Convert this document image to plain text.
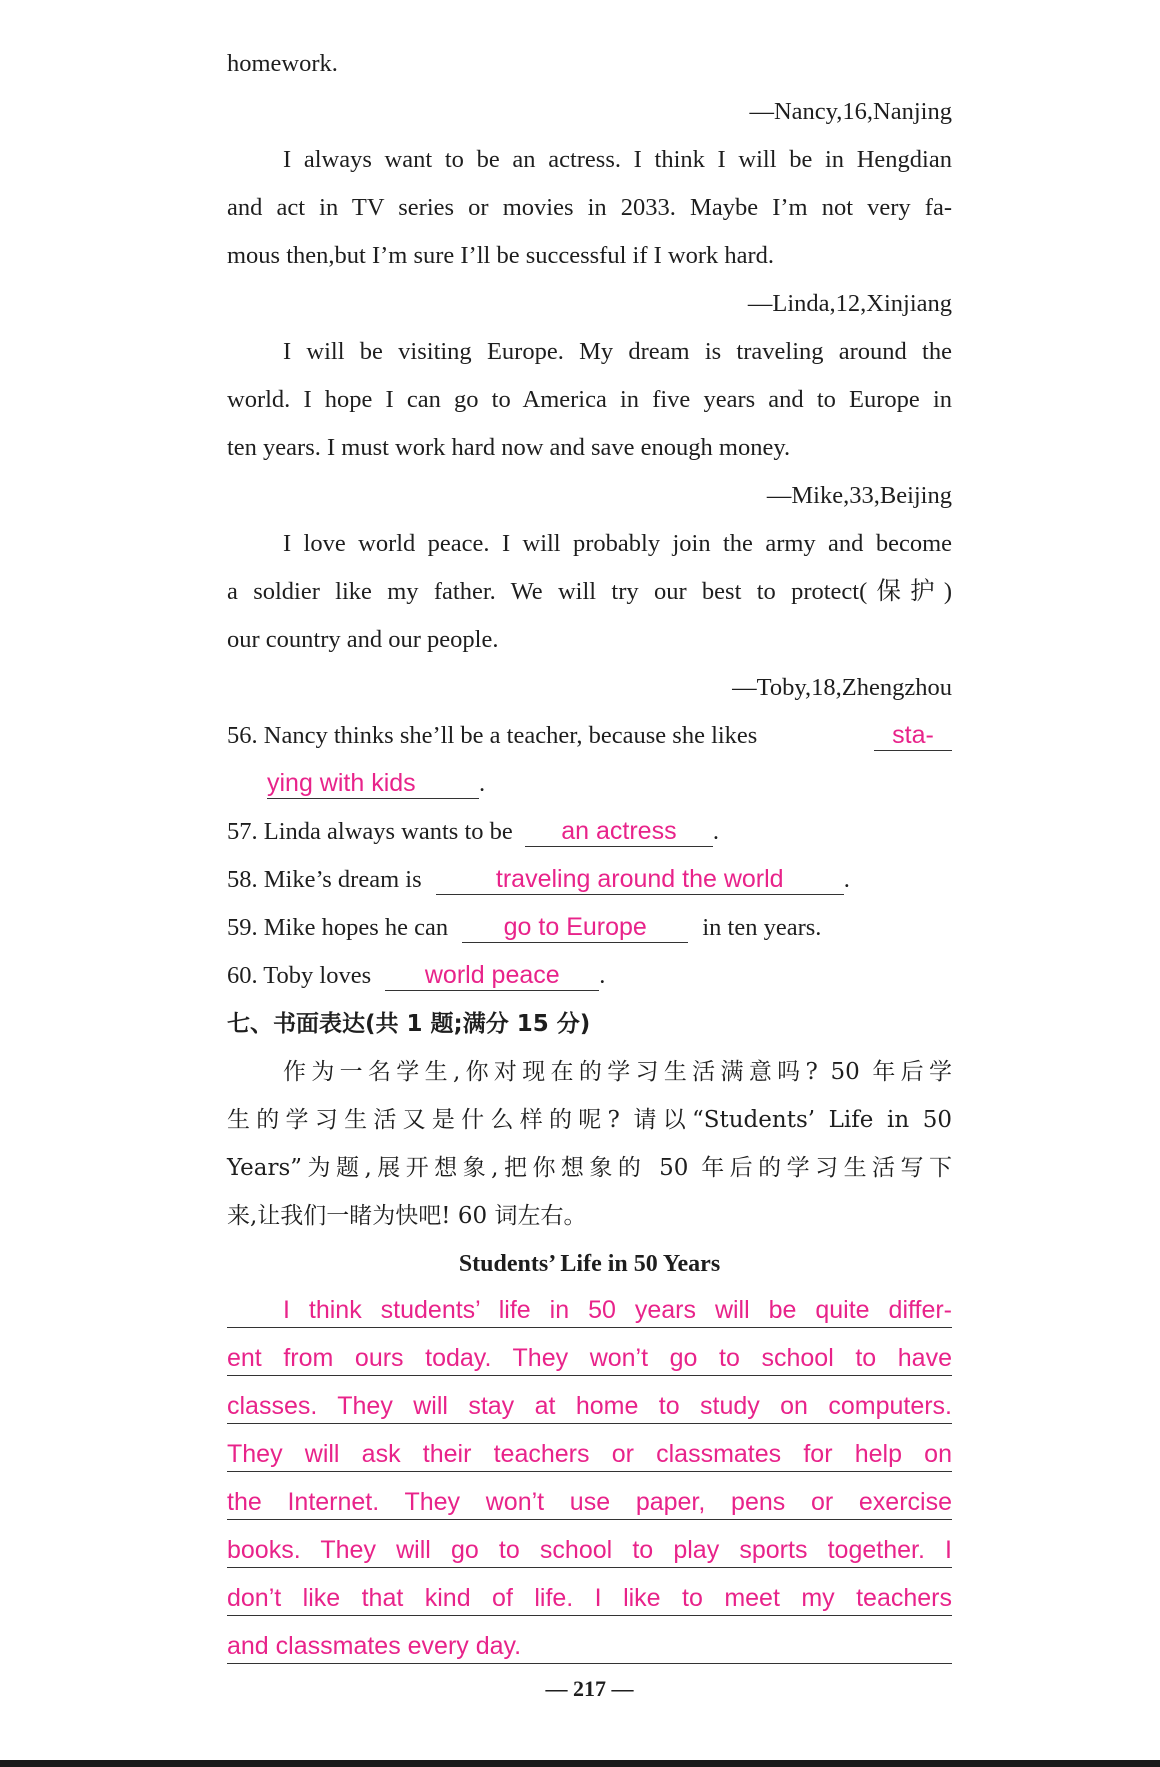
homework.
—Nancy,16,Nanjing
I always want to be an actress. I think I will be in Hengdian
and act in TV series or movies in 2033. Maybe I’m not very fa-
mous then,but I’m sure I’ll be successful if I work hard.
—Linda,12,Xinjiang
I will be visiting Europe. My dream is traveling around the
world. I hope I can go to America in five years and to Europe in
ten years. I must work hard now and save enough money.
—Mike,33,Beijing
I love world peace. I will probably join the army and become
a soldier like my father. We will try our best to protect(保护)
our country and our people.
—Toby,18,Zhengzhou
56. Nancy thinks she’ll be a teacher, because she likes	sta-
ying with kids	.
57. Linda always wants to be an actress .
58. Mike’s dream is	traveling around the world .
59. Mike hopes he can go to Europe in ten years.
60. Toby loves world peace .
七、书面表达(共 1 题;满分 15 分)
作为一名学生,你对现在的学习生活满意吗? 50 年后学
生的学习生活又是什么样的呢? 请以“Students’ Life in 50
Years”为题,展开想象,把你想象的 50 年后的学习生活写下
来,让我们一睹为快吧! 60 词左右。
Students’ Life in 50 Years
I think students’ life in 50 years will be quite differ-
ent from ours today. They won’t go to school to have
classes. They will stay at home to study on computers.
They will ask their teachers or classmates for help on
the Internet. They won’t use paper, pens or exercise
books. They will go to school to play sports together. I
don’t like that kind of life. I like to meet my teachers
and classmates every day.
— 217 —
